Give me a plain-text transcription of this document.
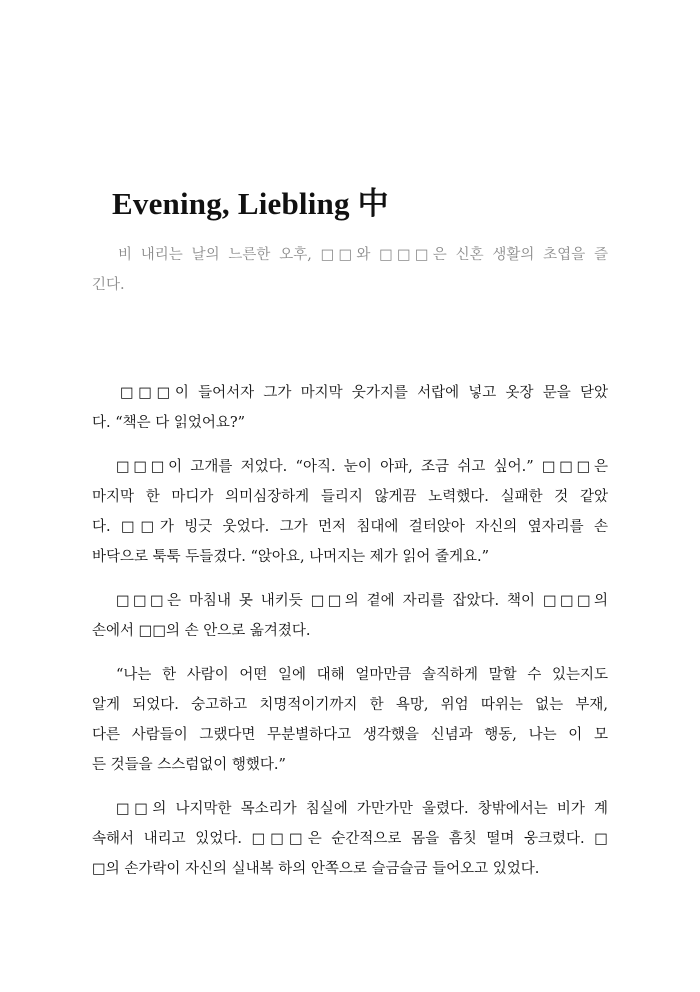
Evening, Liebling 中
비 내리는 날의 느른한 오후, □□와 □□□은 신혼 생활의 초엽을 즐
긴다.
□□□이 들어서자 그가 마지막 웃가지를 서랍에 넣고 옷장 문을 닫았
다. “책은 다 읽었어요?”
□□□이 고개를 저었다. “아직. 눈이 아파, 조금 쉬고 싶어.” □□□은
마지막 한 마디가 의미심장하게 들리지 않게끔 노력했다. 실패한 것 같았
다. □□가 빙긋 웃었다. 그가 먼저 침대에 걸터앉아 자신의 옆자리를 손
바닥으로 툭툭 두들겼다. “앉아요, 나머지는 제가 읽어 줄게요.”
□□□은 마침내 못 내키듯 □□의 곁에 자리를 잡았다. 책이 □□□의
손에서 □□의 손 안으로 옮겨졌다.
“나는 한 사람이 어떤 일에 대해 얼마만큼 솔직하게 말할 수 있는지도
알게 되었다. 숭고하고 치명적이기까지 한 욕망, 위엄 따위는 없는 부재,
다른 사람들이 그랬다면 무분별하다고 생각했을 신념과 행동, 나는 이 모
든 것들을 스스럼없이 행했다.”
□□의 나지막한 목소리가 침실에 가만가만 울렸다. 창밖에서는 비가 계
속해서 내리고 있었다. □□□은 순간적으로 몸을 흠칫 떨며 웅크렸다. □
□의 손가락이 자신의 실내복 하의 안쪽으로 슬금슬금 들어오고 있었다.
